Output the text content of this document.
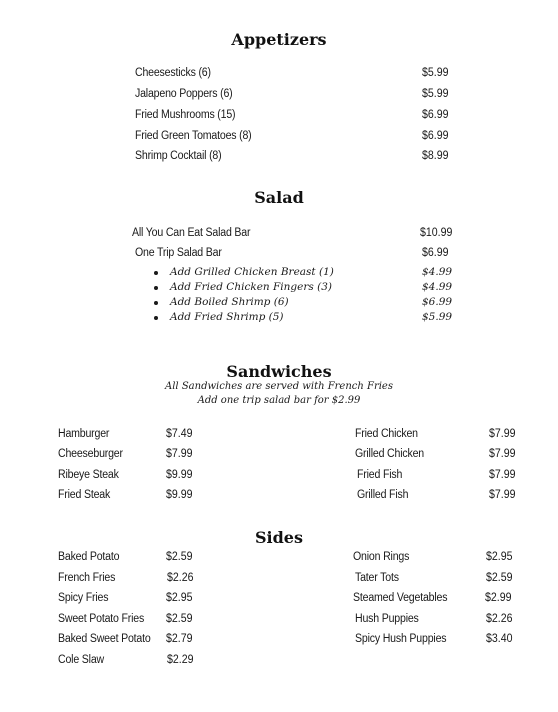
Appetizers
Cheesesticks (6)	$5.99
Jalapeno Poppers (6)	$5.99
Fried Mushrooms (15)	$6.99
Fried Green Tomatoes (8)	$6.99
Shrimp Cocktail (8)	$8.99
Salad
All You Can Eat Salad Bar	$10.99
One Trip Salad Bar	$6.99
Add Grilled Chicken Breast (1)	$4.99
Add Fried Chicken Fingers (3)	$4.99
Add Boiled Shrimp (6)	$6.99
Add Fried Shrimp (5)	$5.99
Sandwiches
All Sandwiches are served with French Fries
Add one trip salad bar for $2.99
Hamburger	$7.49
Cheeseburger	$7.99
Ribeye Steak	$9.99
Fried Steak	$9.99
Fried Chicken	$7.99
Grilled Chicken	$7.99
Fried Fish	$7.99
Grilled Fish	$7.99
Sides
Baked Potato	$2.59
French Fries	$2.26
Spicy Fries	$2.95
Sweet Potato Fries $2.59
Baked Sweet Potato $2.79
Cole Slaw	$2.29
Onion Rings	$2.95
Tater Tots	$2.59
Steamed Vegetables	$2.99
Hush Puppies	$2.26
Spicy Hush Puppies	$3.40
